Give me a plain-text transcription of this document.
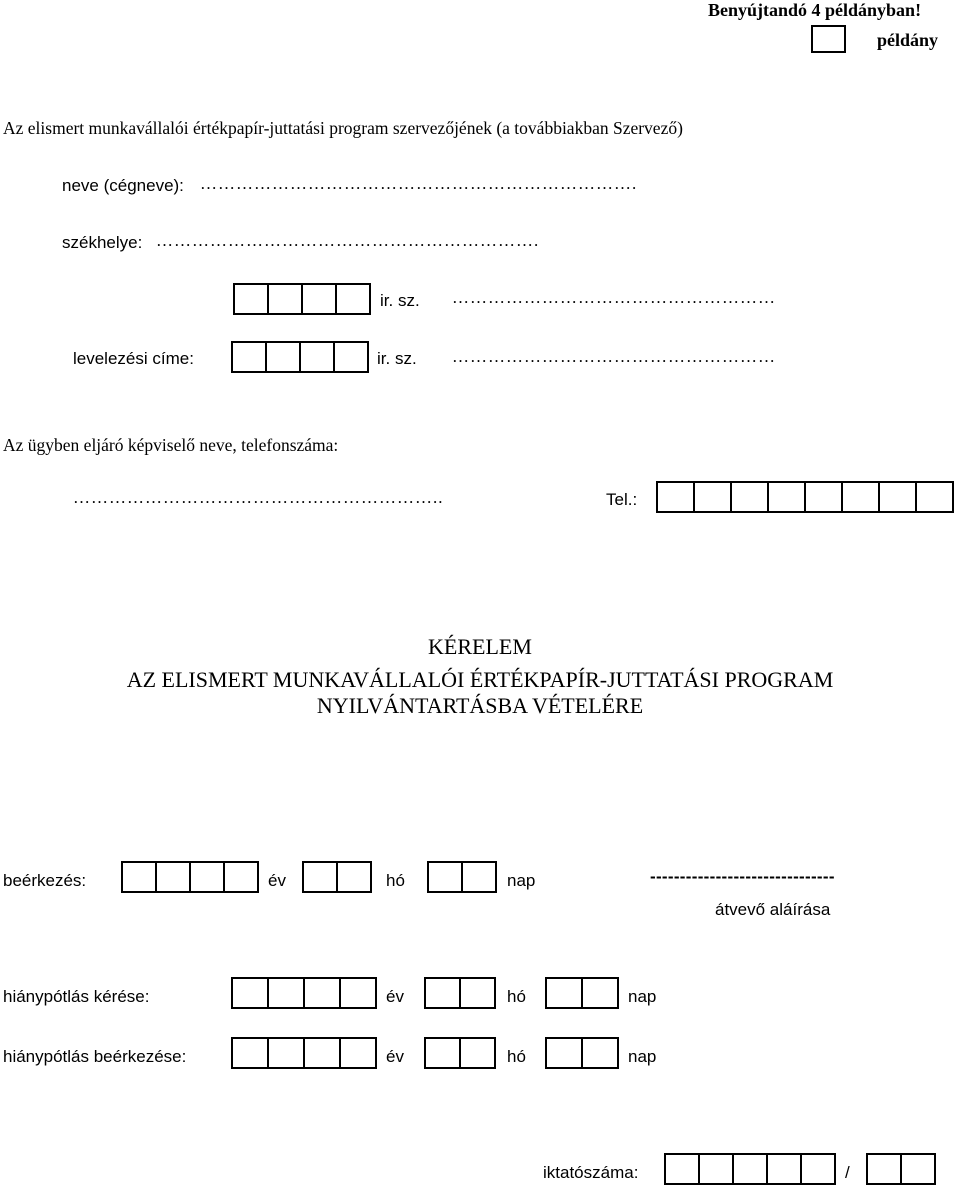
Benyújtandó 4 példányban!
példány
Az elismert munkavállalói értékpapír-juttatási program szervezőjének (a továbbiakban Szervező)
neve (cégneve): ……………………………………………………………….
székhelye: ……………………………………………………….
ir. sz. ………………………………………………
levelezési címe:	ir. sz. ………………………………………………
Az ügyben eljáró képviselő neve, telefonszáma:
……………………………………………………..	Tel.:
KÉRELEM
AZ ELISMERT MUNKAVÁLLALÓI ÉRTÉKPAPÍR-JUTTATÁSI PROGRAM
NYILVÁNTARTÁSBA VÉTELÉRE
beérkezés:	év	hó	nap	-------------------------------
átvevő aláírása
hiánypótlás kérése:	év	hó	nap
hiánypótlás beérkezése:	év	hó	nap
iktatószáma:	/
